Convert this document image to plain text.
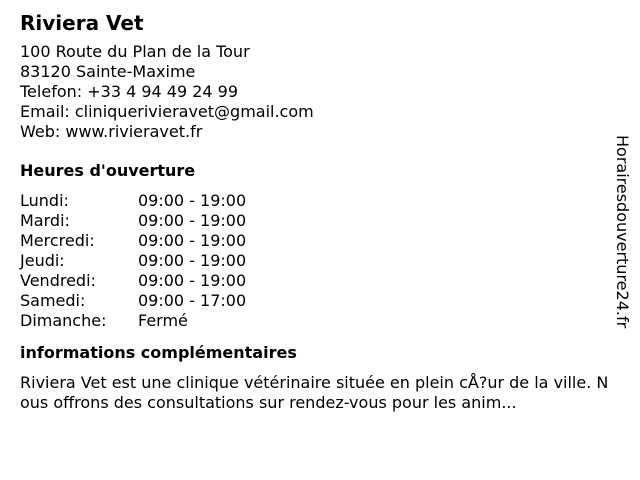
Riviera Vet
100 Route du Plan de la Tour
83120 Sainte-Maxime
Telefon: +33 4 94 49 24 99
Email: cliniquerivieravet@gmail.com
Web: www.rivieravet.fr
Heures d'ouverture
Lundi:	09:00 - 19:00
Mardi:	09:00 - 19:00
Mercredi:	09:00 - 19:00
Jeudi:	09:00 - 19:00
Vendredi:	09:00 - 19:00
Samedi:	09:00 - 17:00
Dimanche:	Fermé
informations complémentaires
Riviera Vet est une clinique vétérinaire située en plein cÅ?ur de la ville. Nous offrons des consultations sur rendez-vous pour les anim...
Horairesdouverture24.fr
